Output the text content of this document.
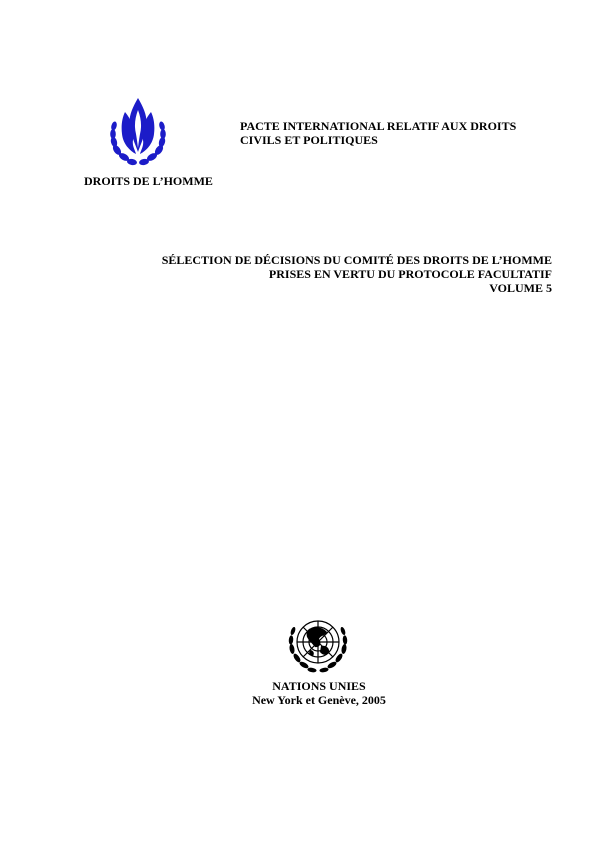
DROITS DE L’HOMME
PACTE INTERNATIONAL RELATIF AUX DROITS
CIVILS ET POLITIQUES
SÉLECTION DE DÉCISIONS DU COMITÉ DES DROITS DE L’HOMME
PRISES EN VERTU DU PROTOCOLE FACULTATIF
VOLUME 5
NATIONS UNIES
New York et Genève, 2005
